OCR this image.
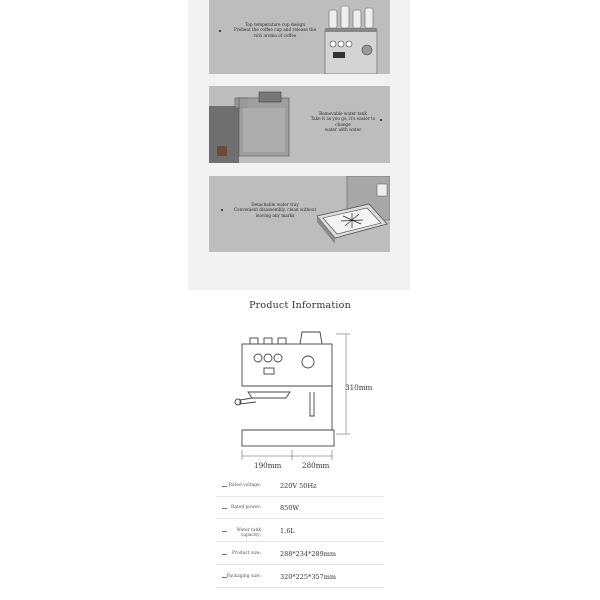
Top temperature cup design
Preheat the coffee cup and release the
rich aroma of coffee
Removable water tank
Take it as you go, it's easier to change
water with water
Detachable water tray
Convenient disassembly, clean without
leaving any marks
Product Information
190mm	280mm
310mm
Rated voltage:	220V 50Hz
Rated power:	850W
Water tank capacity:
1.6L
Product size:	288*234*289mm
Packaging size:	320*225*357mm
